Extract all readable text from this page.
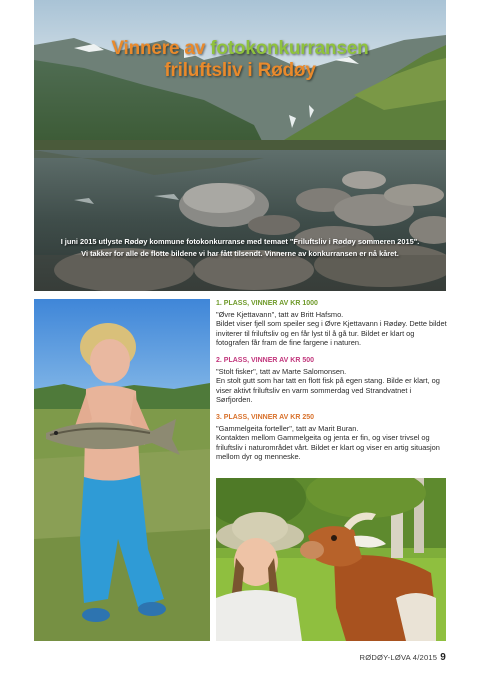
Vinnere av fotokonkurransen
friluftsliv i Rødøy
I juni 2015 utlyste Rødøy kommune fotokonkurranse med temaet "Friluftsliv i Rødøy sommeren 2015".
Vi takker for alle de flotte bildene vi har fått tilsendt. Vinnerne av konkurransen er nå kåret.
1. PLASS, VINNER AV KR 1000

"Øvre Kjettavann", tatt av Britt Hafsmo.

Bildet viser fjell som speiler seg i Øvre Kjettavann i Rødøy. Dette bildet inviterer til friluftsliv og en får lyst til å gå tur. Bildet er klart og fotografen får fram de fine fargene i naturen.

2. PLASS, VINNER AV KR 500

"Stolt fisker", tatt av Marte Salomonsen.

En stolt gutt som har tatt en flott fisk på egen stang. Bilde er klart, og viser aktivt friluftsliv en varm sommerdag ved Strandvatnet i Sørfjorden.

3. PLASS, VINNER AV KR 250

"Gammelgeita forteller", tatt av Marit Buran.

Kontakten mellom Gammelgeita og jenta er fin, og viser trivsel og friluftsliv i naturområdet vårt. Bildet er klart og viser en artig situasjon mellom dyr og menneske.

RØDØY-LØVA 4/2015 9
